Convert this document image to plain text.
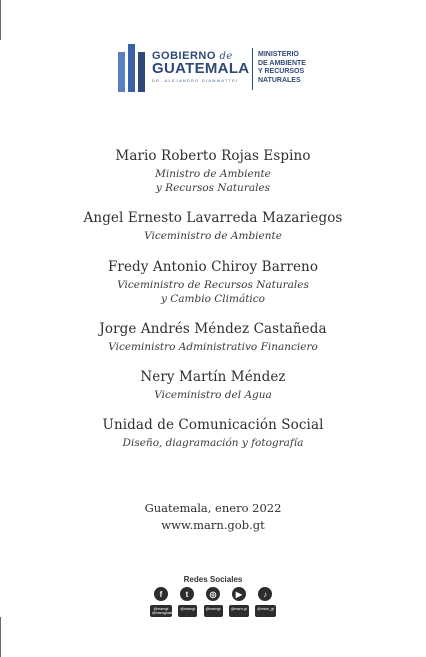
GOBIERNO de
GUATEMALA
DR. ALEJANDRO GIAMMATTEI
MINISTERIO
DE AMBIENTE
Y RECURSOS
NATURALES
Mario Roberto Rojas Espino
Ministro de Ambiente
y Recursos Naturales
Angel Ernesto Lavarreda Mazariegos
Viceministro de Ambiente
Fredy Antonio Chiroy Barreno
Viceministro de Recursos Naturales
y Cambio Climático
Jorge Andrés Méndez Castañeda
Viceministro Administrativo Financiero
Nery Martín Méndez
Viceministro del Agua
Unidad de Comunicación Social
Diseño, diagramación y fotografía
Guatemala, enero 2022
www.marn.gob.gt
Redes Sociales
f	t	◎	▶	♪
@marngt @marnguate
@marngt	@marngt	@marn.gt	@marn_gt
